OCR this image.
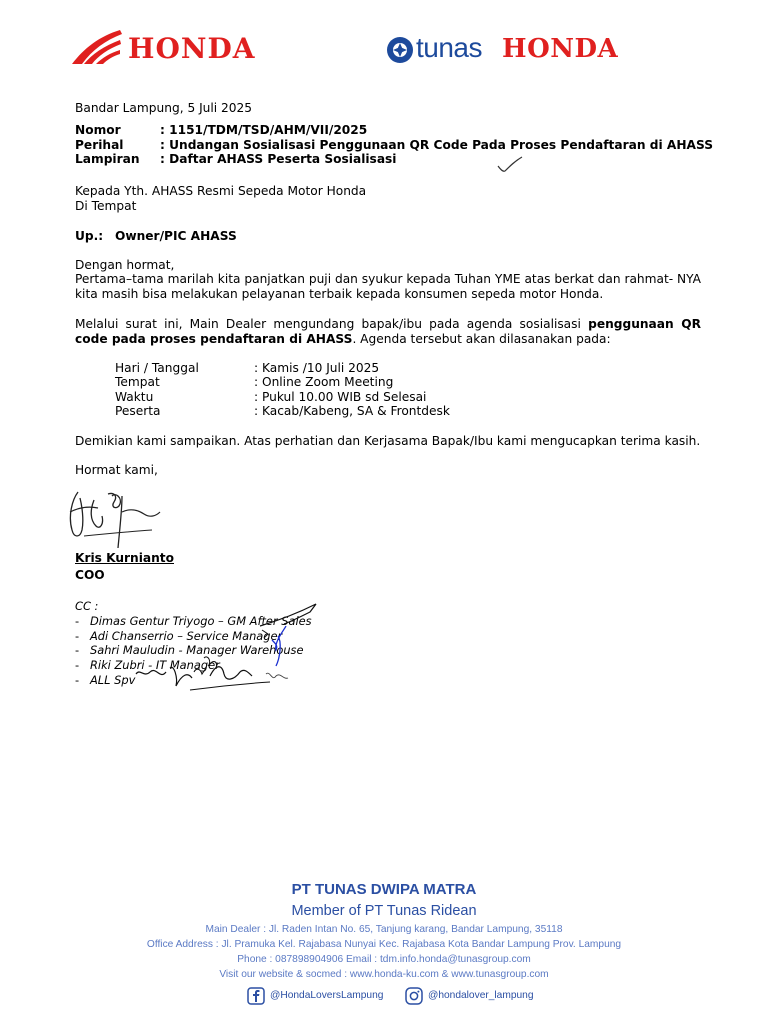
HONDA	tunas HONDA
Bandar Lampung, 5 Juli 2025
Nomor	: 1151/TDM/TSD/AHM/VII/2025
Perihal	: Undangan Sosialisasi Penggunaan QR Code Pada Proses Pendaftaran di AHASS
Lampiran : Daftar AHASS Peserta Sosialisasi
Kepada Yth. AHASS Resmi Sepeda Motor Honda
Di Tempat
Up.: Owner/PIC AHASS
Dengan hormat,
Pertama–tama marilah kita panjatkan puji dan syukur kepada Tuhan YME atas berkat dan rahmat- NYA kita masih bisa melakukan pelayanan terbaik kepada konsumen sepeda motor Honda.
Melalui surat ini, Main Dealer mengundang bapak/ibu pada agenda sosialisasi penggunaan QR code pada proses pendaftaran di AHASS. Agenda tersebut akan dilasanakan pada:
Hari / Tanggal	: Kamis /10 Juli 2025
Tempat	: Online Zoom Meeting
Waktu	: Pukul 10.00 WIB sd Selesai
Peserta	: Kacab/Kabeng, SA & Frontdesk
Demikian kami sampaikan. Atas perhatian dan Kerjasama Bapak/Ibu kami mengucapkan terima kasih.
Hormat kami,
Kris Kurnianto
COO
CC :
- Dimas Gentur Triyogo – GM After Sales
- Adi Chanserrio – Service Manager
- Sahri Mauludin - Manager Warehouse
- Riki Zubri - IT Manager
- ALL Spv
PT TUNAS DWIPA MATRA
Member of PT Tunas Ridean
Main Dealer : Jl. Raden Intan No. 65, Tanjung karang, Bandar Lampung, 35118
Office Address : Jl. Pramuka Kel. Rajabasa Nunyai Kec. Rajabasa Kota Bandar Lampung Prov. Lampung
Phone : 087898904906 Email : tdm.info.honda@tunasgroup.com
Visit our website & socmed : www.honda-ku.com & www.tunasgroup.com
@HondaLoversLampung	@hondalover_lampung
